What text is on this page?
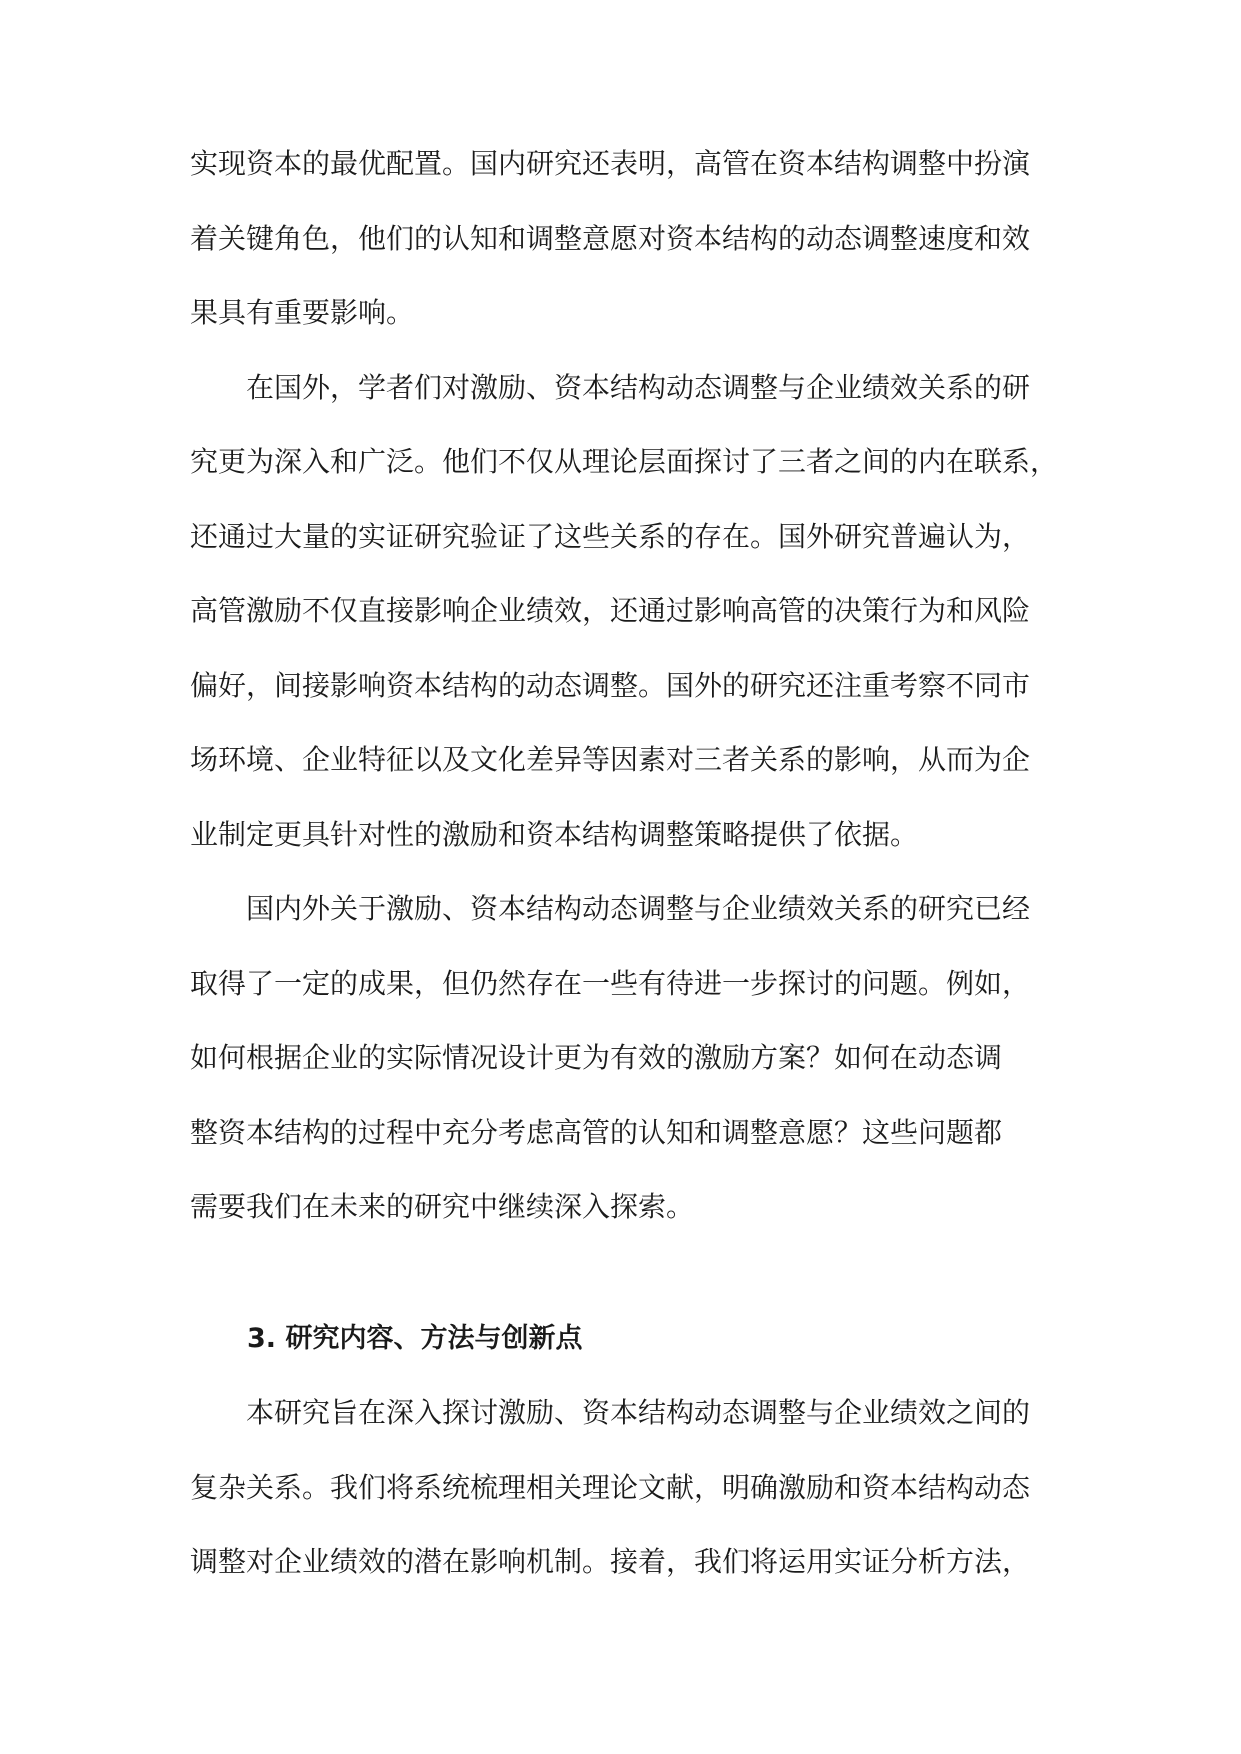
实现资本的最优配置。国内研究还表明，高管在资本结构调整中扮演

着关键角色，他们的认知和调整意愿对资本结构的动态调整速度和效

果具有重要影响。

在国外，学者们对激励、资本结构动态调整与企业绩效关系的研

究更为深入和广泛。他们不仅从理论层面探讨了三者之间的内在联系，

还通过大量的实证研究验证了这些关系的存在。国外研究普遍认为，

高管激励不仅直接影响企业绩效，还通过影响高管的决策行为和风险

偏好，间接影响资本结构的动态调整。国外的研究还注重考察不同市

场环境、企业特征以及文化差异等因素对三者关系的影响，从而为企

业制定更具针对性的激励和资本结构调整策略提供了依据。

国内外关于激励、资本结构动态调整与企业绩效关系的研究已经

取得了一定的成果，但仍然存在一些有待进一步探讨的问题。例如，

如何根据企业的实际情况设计更为有效的激励方案？如何在动态调

整资本结构的过程中充分考虑高管的认知和调整意愿？这些问题都

需要我们在未来的研究中继续深入探索。

3. 研究内容、方法与创新点

本研究旨在深入探讨激励、资本结构动态调整与企业绩效之间的

复杂关系。我们将系统梳理相关理论文献，明确激励和资本结构动态

调整对企业绩效的潜在影响机制。接着，我们将运用实证分析方法，
